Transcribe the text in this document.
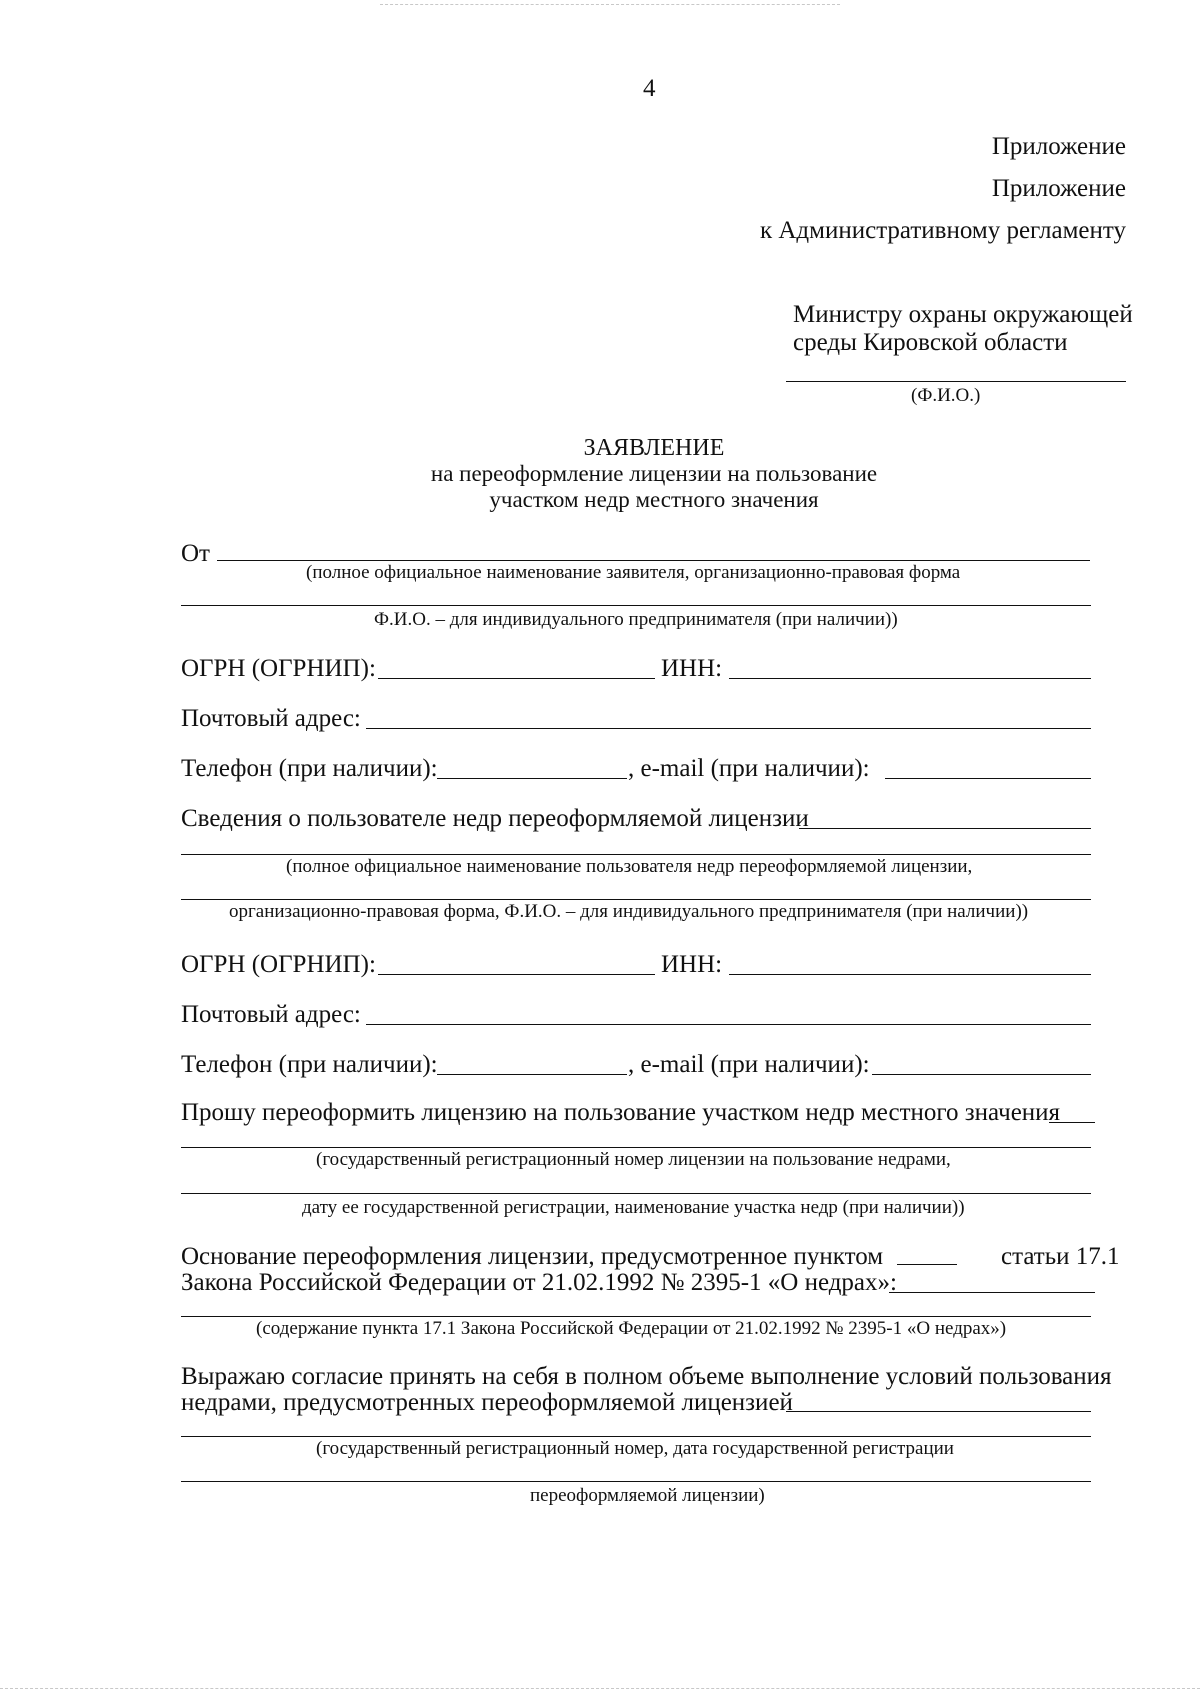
4
Приложение
Приложение
к Административному регламенту
Министру охраны окружающей
среды Кировской области
(Ф.И.О.)
ЗАЯВЛЕНИЕ
на переоформление лицензии на пользование
участком недр местного значения
От
(полное официальное наименование заявителя, организационно-правовая форма
Ф.И.О. – для индивидуального предпринимателя (при наличии))
ОГРН (ОГРНИП):	ИНН:
Почтовый адрес:
Телефон (при наличии):	, e-mail (при наличии):
Сведения о пользователе недр переоформляемой лицензии
(полное официальное наименование пользователя недр переоформляемой лицензии,
организационно-правовая форма, Ф.И.О. – для индивидуального предпринимателя (при наличии))
ОГРН (ОГРНИП):	ИНН:
Почтовый адрес:
Телефон (при наличии):	, e-mail (при наличии):
Прошу переоформить лицензию на пользование участком недр местного значения
(государственный регистрационный номер лицензии на пользование недрами,
дату ее государственной регистрации, наименование участка недр (при наличии))
Основание переоформления лицензии, предусмотренное пунктом	статьи 17.1
Закона Российской Федерации от 21.02.1992 № 2395-1 «О недрах»:
(содержание пункта 17.1 Закона Российской Федерации от 21.02.1992 № 2395-1 «О недрах»)
Выражаю согласие принять на себя в полном объеме выполнение условий пользования
недрами, предусмотренных переоформляемой лицензией
(государственный регистрационный номер, дата государственной регистрации
переоформляемой лицензии)
